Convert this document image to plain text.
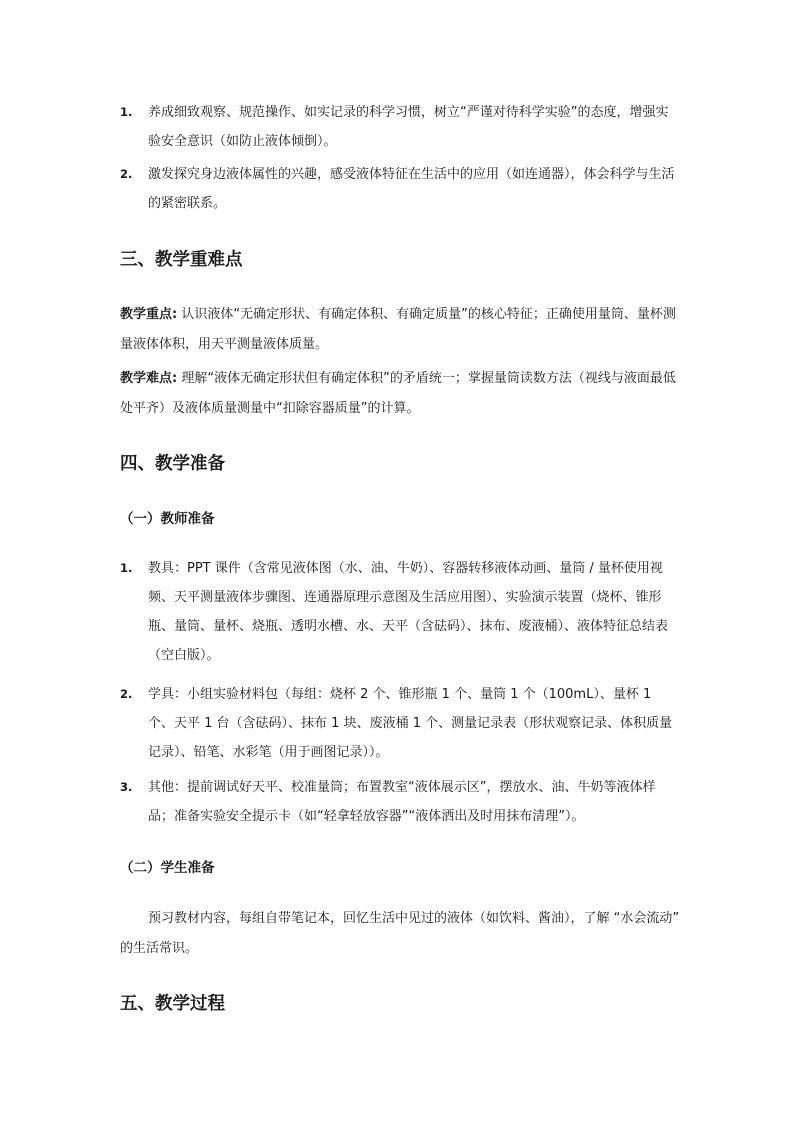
1.	养成细致观察、规范操作、如实记录的科学习惯，树立“严谨对待科学实验”的态度，增强实验安全意识（如防止液体倾倒）。
2.	激发探究身边液体属性的兴趣，感受液体特征在生活中的应用（如连通器），体会科学与生活的紧密联系。
三、教学重难点
教学重点: 认识液体“无确定形状、有确定体积、有确定质量”的核心特征；正确使用量筒、量杯测量液体体积，用天平测量液体质量。
教学难点: 理解“液体无确定形状但有确定体积”的矛盾统一；掌握量筒读数方法（视线与液面最低处平齐）及液体质量测量中“扣除容器质量”的计算。
四、教学准备
（一）教师准备
1.	教具：PPT 课件（含常见液体图（水、油、牛奶）、容器转移液体动画、量筒 / 量杯使用视频、天平测量液体步骤图、连通器原理示意图及生活应用图）、实验演示装置（烧杯、锥形瓶、量筒、量杯、烧瓶、透明水槽、水、天平（含砝码）、抹布、废液桶）、液体特征总结表（空白版）。
2.	学具：小组实验材料包（每组：烧杯 2 个、锥形瓶 1 个、量筒 1 个（100mL）、量杯 1 个、天平 1 台（含砝码）、抹布 1 块、废液桶 1 个、测量记录表（形状观察记录、体积质量记录）、铅笔、水彩笔（用于画图记录））。
3.	其他：提前调试好天平、校准量筒；布置教室“液体展示区”，摆放水、油、牛奶等液体样品；准备实验安全提示卡（如“轻拿轻放容器”“液体洒出及时用抹布清理”）。
（二）学生准备
预习教材内容，每组自带笔记本，回忆生活中见过的液体（如饮料、酱油），了解 “水会流动” 的生活常识。
五、教学过程
